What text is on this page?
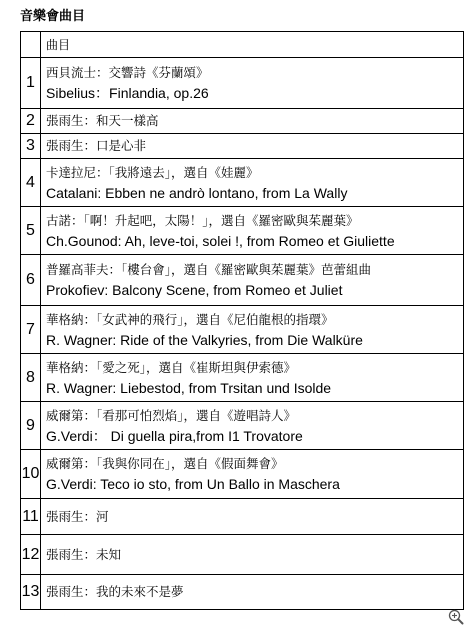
音樂會曲目
	曲目
1	西貝流士：交響詩《芬蘭頌》
Sibelius：Finlandia, op.26

2	張雨生：和天一樣高

3	張雨生：口是心非

4	卡達拉尼：「我將遠去」，選自《娃麗》
Catalani: Ebben ne andrò lontano, from La Wally

5	古諾：「啊！升起吧，太陽！」，選自《羅密歐與茱麗葉》
Ch.Gounod: Ah, leve-toi, solei !, from Romeo et Giuliette

6	普羅高菲夫：「樓台會」，選自《羅密歐與茱麗葉》芭蕾組曲
Prokofiev: Balcony Scene, from Romeo et Juliet

7	華格納：「女武神的飛行」，選自《尼伯龍根的指環》
R. Wagner: Ride of the Valkyries, from Die Walküre

8	華格納：「愛之死」，選自《崔斯坦與伊索德》
R. Wagner: Liebestod, from Trsitan und Isolde

9	威爾第：「看那可怕烈焰」，選自《遊唱詩人》
G.Verdi： Di guella pira,from I1 Trovatore

10	威爾第：「我與你同在」，選自《假面舞會》
G.Verdi: Teco io sto, from Un Ballo in Maschera

11	張雨生：河

12	張雨生：未知

13	張雨生：我的未來不是夢
